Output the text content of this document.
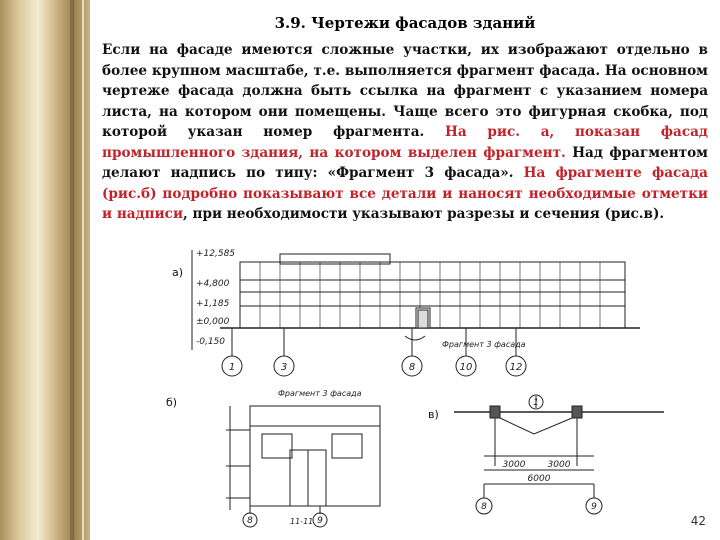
3.9. Чертежи фасадов зданий
Если на фасаде имеются сложные участки, их изображают отдельно в более крупном масштабе, т.е. выполняется фрагмент фасада. На основном чертеже фасада должна быть ссылка на фрагмент с указанием номера листа, на котором они помещены. Чаще всего это фигурная скобка, под которой указан номер фрагмента. На рис. а, показан фасад промышленного здания, на котором выделен фрагмент. Над фрагментом делают надпись по типу: «Фрагмент 3 фасада». На фрагменте фасада (рис.б) подробно показывают все детали и наносят необходимые отметки и надписи, при необходимости указывают разрезы и сечения (рис.в).
а)
+12,585
+4,800
+1,185
±0,000
-0,150	Фрагмент 3 фасада
1	3	8	10	12
б)
Фрагмент 3 фасада
8	9
11-11
в)
3000 3000
6000
1
8	9
42
